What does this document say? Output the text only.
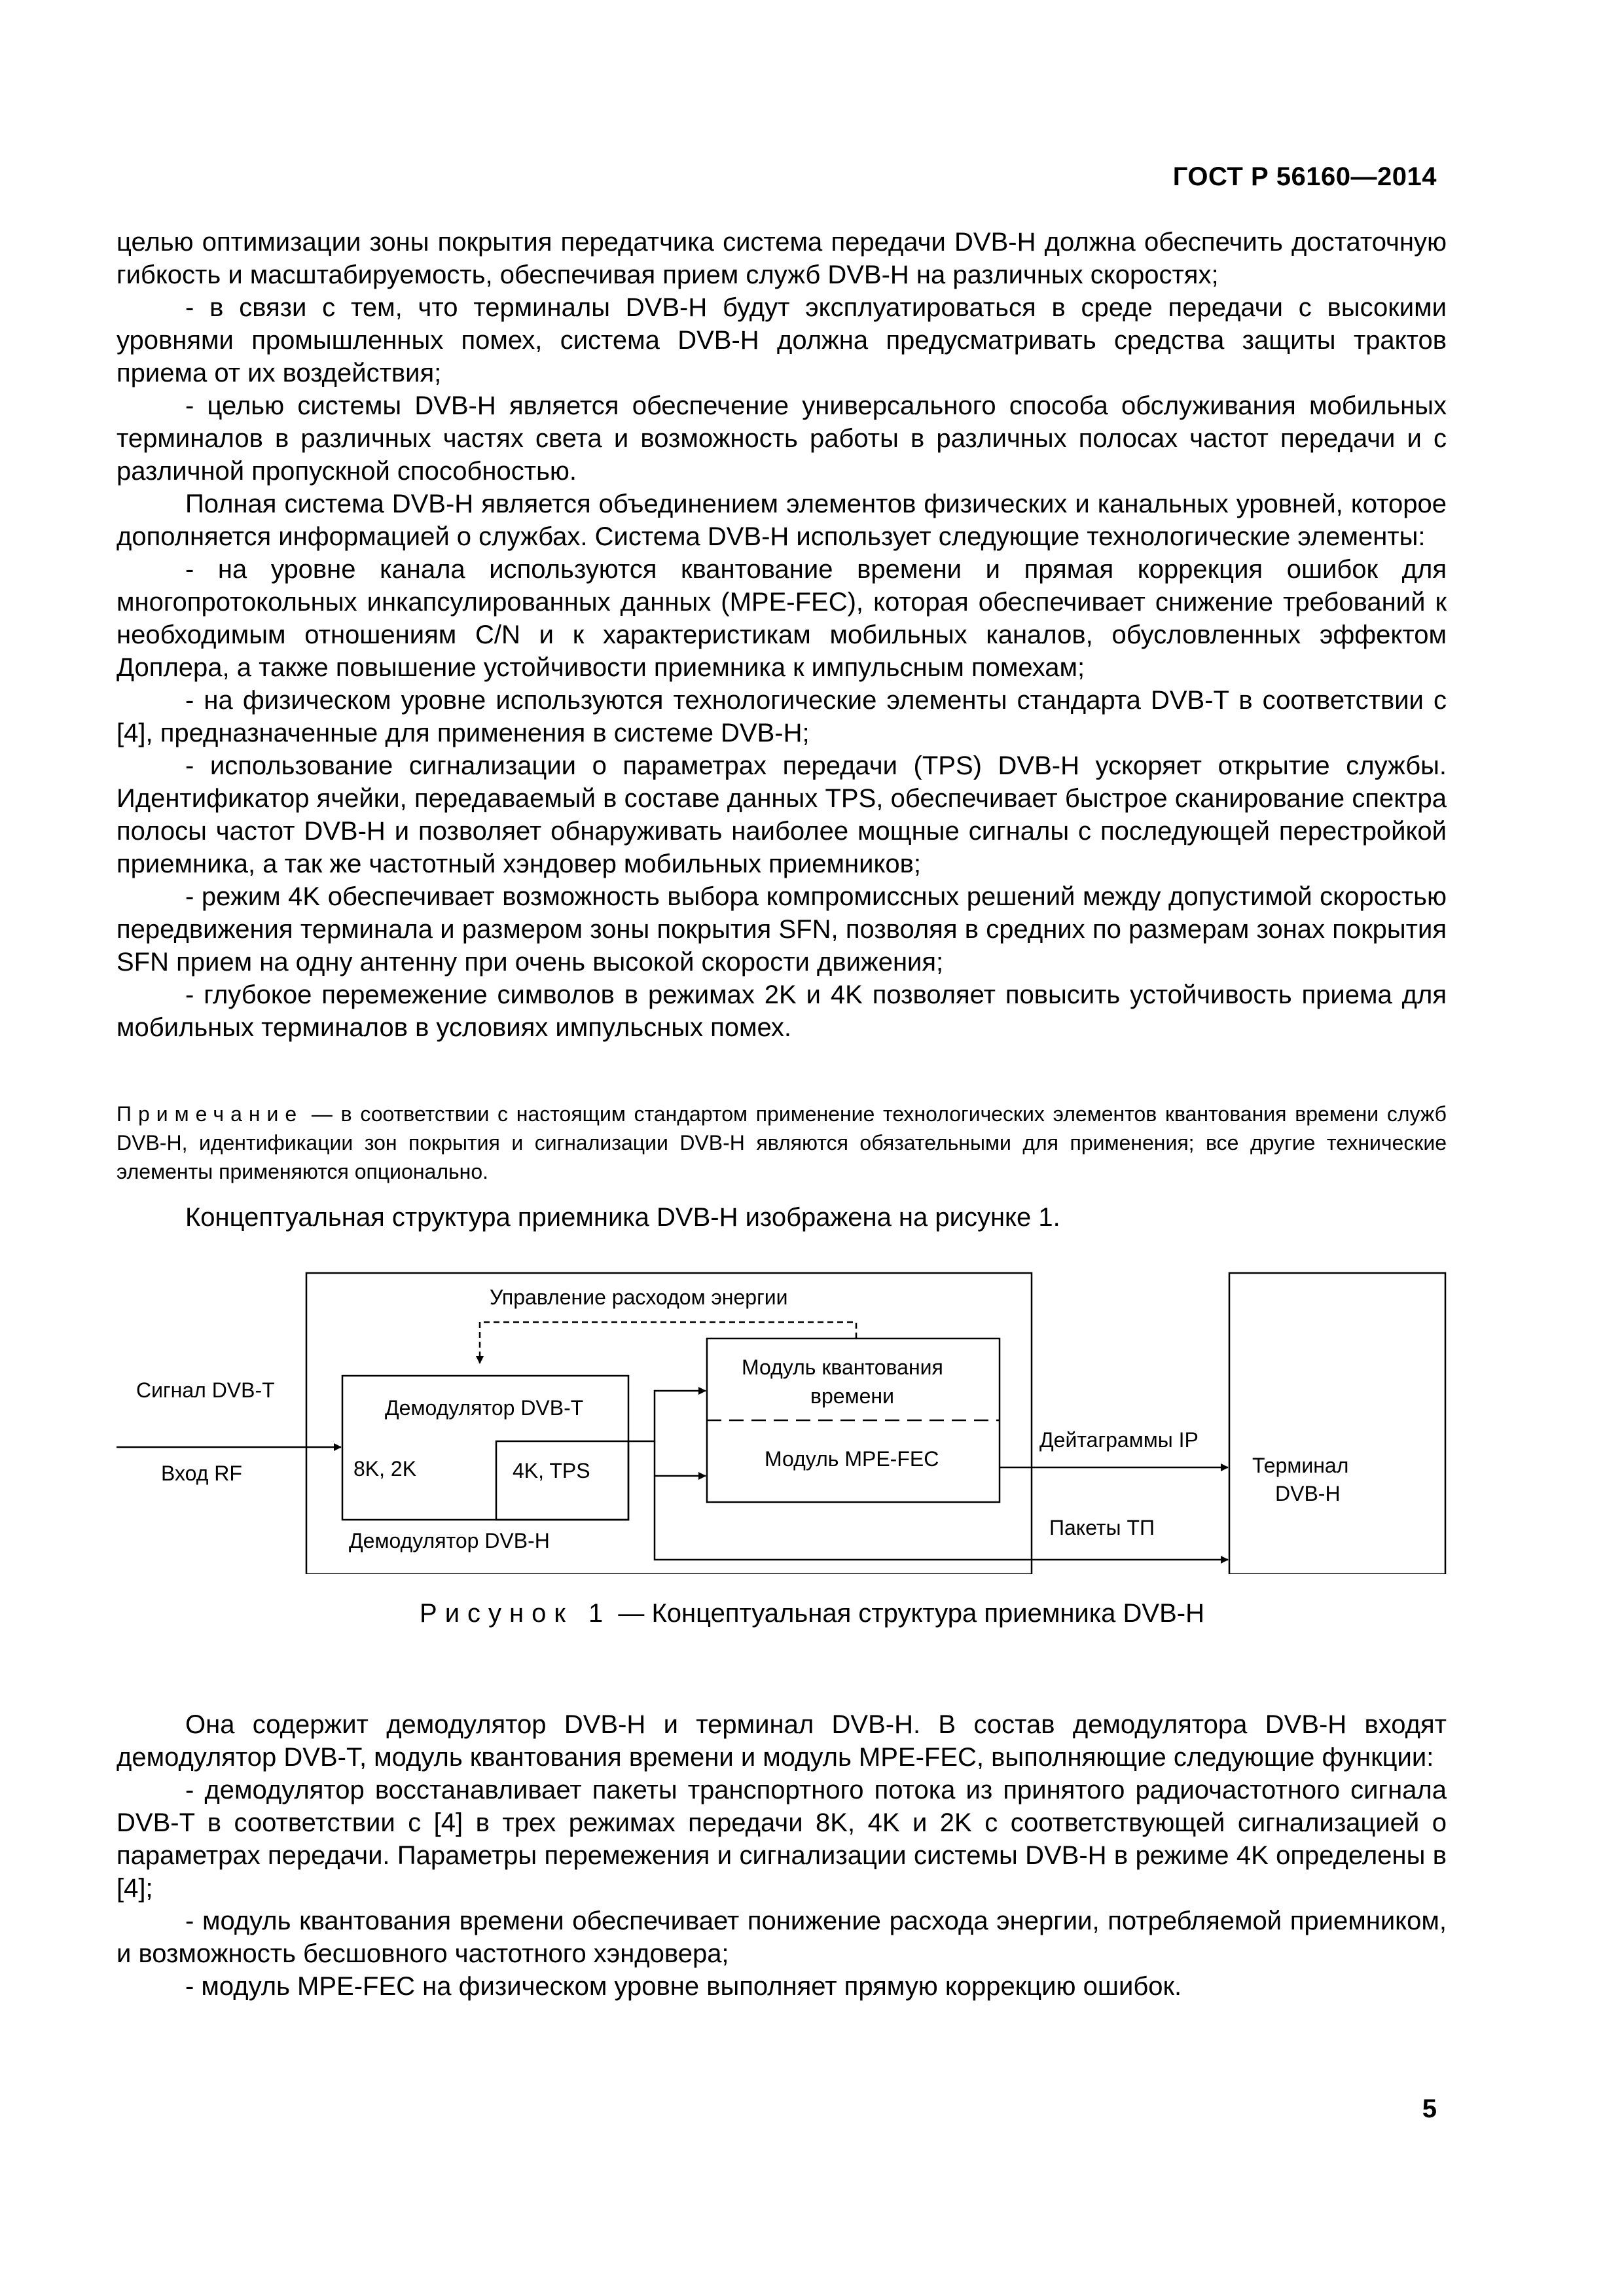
ГОСТ Р 56160—2014

целью оптимизации зоны покрытия передатчика система передачи DVB-H должна обеспечить достаточную гибкость и масштабируемость, обеспечивая прием служб DVB-H на различных скоростях;

- в связи с тем, что терминалы DVB-H будут эксплуатироваться в среде передачи с высокими уровнями промышленных помех, система DVB-H должна предусматривать средства защиты трактов приема от их воздействия;

- целью системы DVB-H является обеспечение универсального способа обслуживания мобильных терминалов в различных частях света и возможность работы в различных полосах частот передачи и с различной пропускной способностью.

Полная система DVB-H является объединением элементов физических и канальных уровней, которое дополняется информацией о службах. Система DVB-H использует следующие технологические элементы:

- на уровне канала используются квантование времени и прямая коррекция ошибок для многопротокольных инкапсулированных данных (MPE-FEC), которая обеспечивает снижение требований к необходимым отношениям С/N и к характеристикам мобильных каналов, обусловленных эффектом Доплера, а также повышение устойчивости приемника к импульсным помехам;

- на физическом уровне используются технологические элементы стандарта DVB-T в соответствии с [4], предназначенные для применения в системе DVB-H;

- использование сигнализации о параметрах передачи (TPS) DVB-H ускоряет открытие службы. Идентификатор ячейки, передаваемый в составе данных TPS, обеспечивает быстрое сканирование спектра полосы частот DVB-H и позволяет обнаруживать наиболее мощные сигналы с последующей перестройкой приемника, а так же частотный хэндовер мобильных приемников;

- режим 4K обеспечивает возможность выбора компромиссных решений между допустимой скоростью передвижения терминала и размером зоны покрытия SFN, позволяя в средних по размерам зонах покрытия SFN прием на одну антенну при очень высокой скорости движения;

- глубокое перемежение символов в режимах 2K и 4K позволяет повысить устойчивость приема для мобильных терминалов в условиях импульсных помех.

Примечание — в соответствии с настоящим стандартом применение технологических элементов квантования времени служб DVB-H, идентификации зон покрытия и сигнализации DVB-H являются обязательными для применения; все другие технические элементы применяются опционально.
Концептуальная структура приемника DVB-H изображена на рисунке 1.
Управление расходом энергии
Сигнал DVB-T
Вход RF
Демодулятор DVB-T
8K, 2K	4K, TPS
Модуль квантования
времени
Модуль MPE-FEC
Дейтаграммы IP
Пакеты ТП
Демодулятор DVB-H
Терминал
DVB-H
Рисунок 1 — Концептуальная структура приемника DVB-H

Она содержит демодулятор DVB-H и терминал DVB-H. В состав демодулятора DVB-H входят демодулятор DVB-T, модуль квантования времени и модуль MPE-FEC, выполняющие следующие функции:

- демодулятор восстанавливает пакеты транспортного потока из принятого радиочастотного сигнала DVB-T в соответствии с [4] в трех режимах передачи 8K, 4K и 2K с соответствующей сигнализацией о параметрах передачи. Параметры перемежения и сигнализации системы DVB-H в режиме 4K определены в [4];

- модуль квантования времени обеспечивает понижение расхода энергии, потребляемой приемником, и возможность бесшовного частотного хэндовера;

- модуль MPE-FEC на физическом уровне выполняет прямую коррекцию ошибок.

5
